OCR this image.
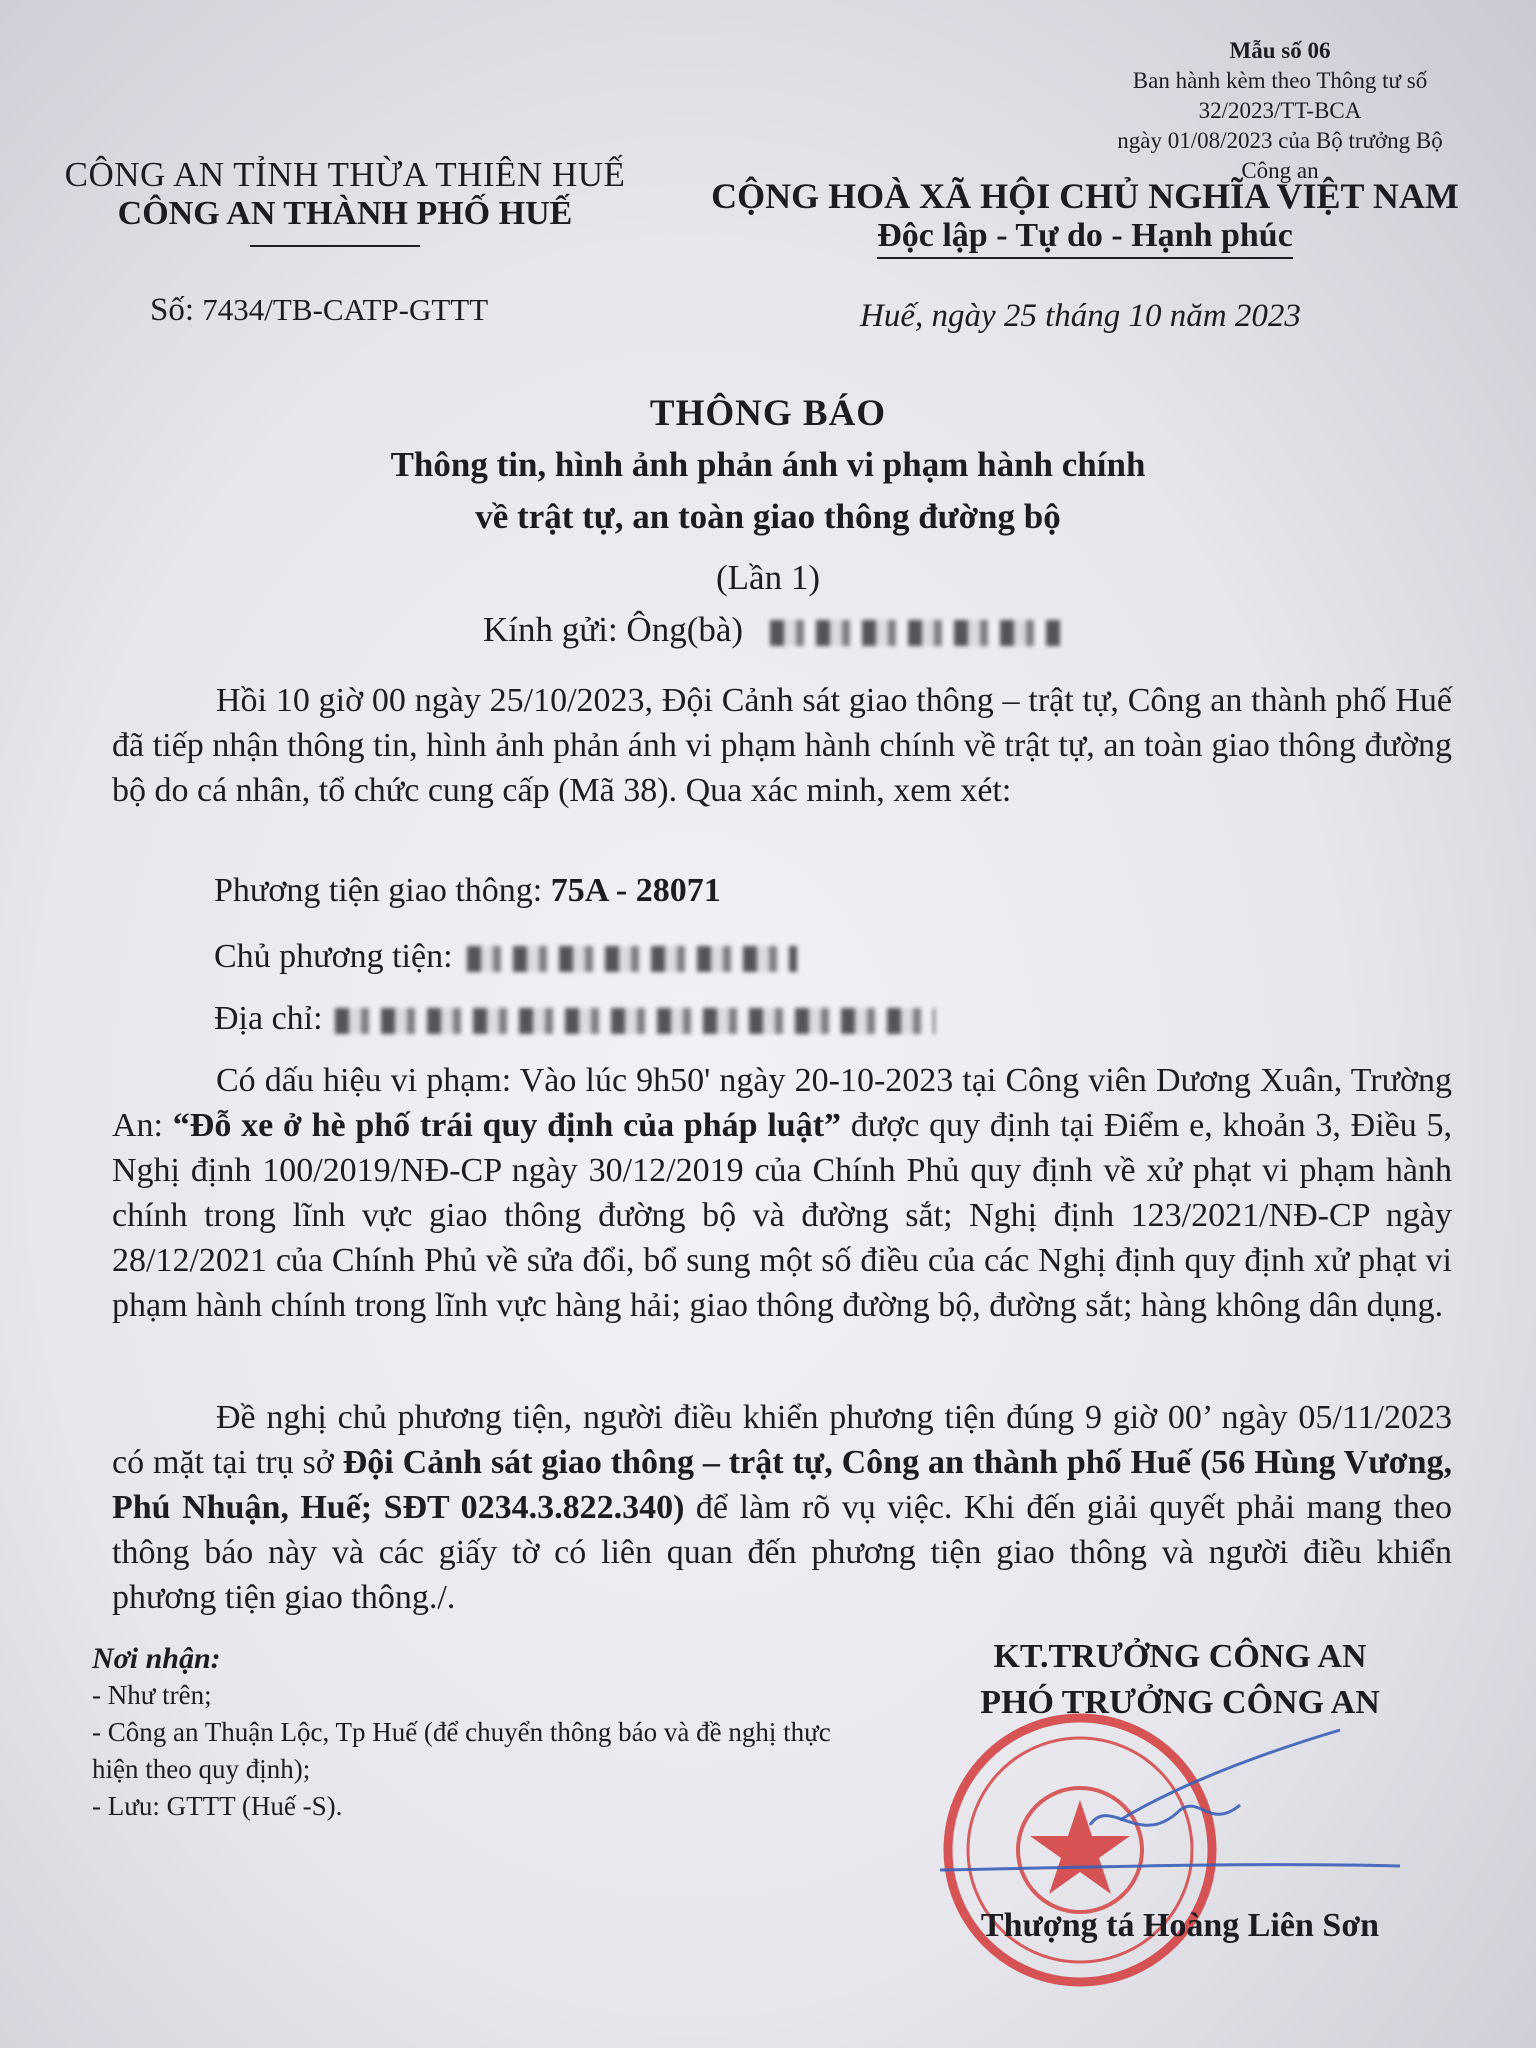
Mẫu số 06
Ban hành kèm theo Thông tư số 32/2023/TT-BCA
ngày 01/08/2023 của Bộ trưởng Bộ Công an
CÔNG AN TỈNH THỪA THIÊN HUẾ
CÔNG AN THÀNH PHỐ HUẾ	CỘNG HOÀ XÃ HỘI CHỦ NGHĨA VIỆT NAM
Độc lập - Tự do - Hạnh phúc
Số: 7434/TB-CATP-GTTT	Huế, ngày 25 tháng 10 năm 2023
THÔNG BÁO
Thông tin, hình ảnh phản ánh vi phạm hành chính
về trật tự, an toàn giao thông đường bộ
(Lần 1)
Kính gửi: Ông(bà)
Hồi 10 giờ 00 ngày 25/10/2023, Đội Cảnh sát giao thông – trật tự, Công an thành phố Huế đã tiếp nhận thông tin, hình ảnh phản ánh vi phạm hành chính về trật tự, an toàn giao thông đường bộ do cá nhân, tổ chức cung cấp (Mã 38). Qua xác minh, xem xét:
Phương tiện giao thông: 75A - 28071
Chủ phương tiện:
Địa chỉ:
Có dấu hiệu vi phạm: Vào lúc 9h50' ngày 20-10-2023 tại Công viên Dương Xuân, Trường An: “Đỗ xe ở hè phố trái quy định của pháp luật” được quy định tại Điểm e, khoản 3, Điều 5, Nghị định 100/2019/NĐ-CP ngày 30/12/2019 của Chính Phủ quy định về xử phạt vi phạm hành chính trong lĩnh vực giao thông đường bộ và đường sắt; Nghị định 123/2021/NĐ-CP ngày 28/12/2021 của Chính Phủ về sửa đổi, bổ sung một số điều của các Nghị định quy định xử phạt vi phạm hành chính trong lĩnh vực hàng hải; giao thông đường bộ, đường sắt; hàng không dân dụng.
Đề nghị chủ phương tiện, người điều khiển phương tiện đúng 9 giờ 00’ ngày 05/11/2023 có mặt tại trụ sở Đội Cảnh sát giao thông – trật tự, Công an thành phố Huế (56 Hùng Vương, Phú Nhuận, Huế; SĐT 0234.3.822.340) để làm rõ vụ việc. Khi đến giải quyết phải mang theo thông báo này và các giấy tờ có liên quan đến phương tiện giao thông và người điều khiển phương tiện giao thông./.
Nơi nhận:
- Như trên;
- Công an Thuận Lộc, Tp Huế (để chuyển thông báo và đề nghị thực hiện theo quy định);
- Lưu: GTTT (Huế -S).
KT.TRƯỞNG CÔNG AN
PHÓ TRƯỞNG CÔNG AN
Thượng tá Hoàng Liên Sơn
